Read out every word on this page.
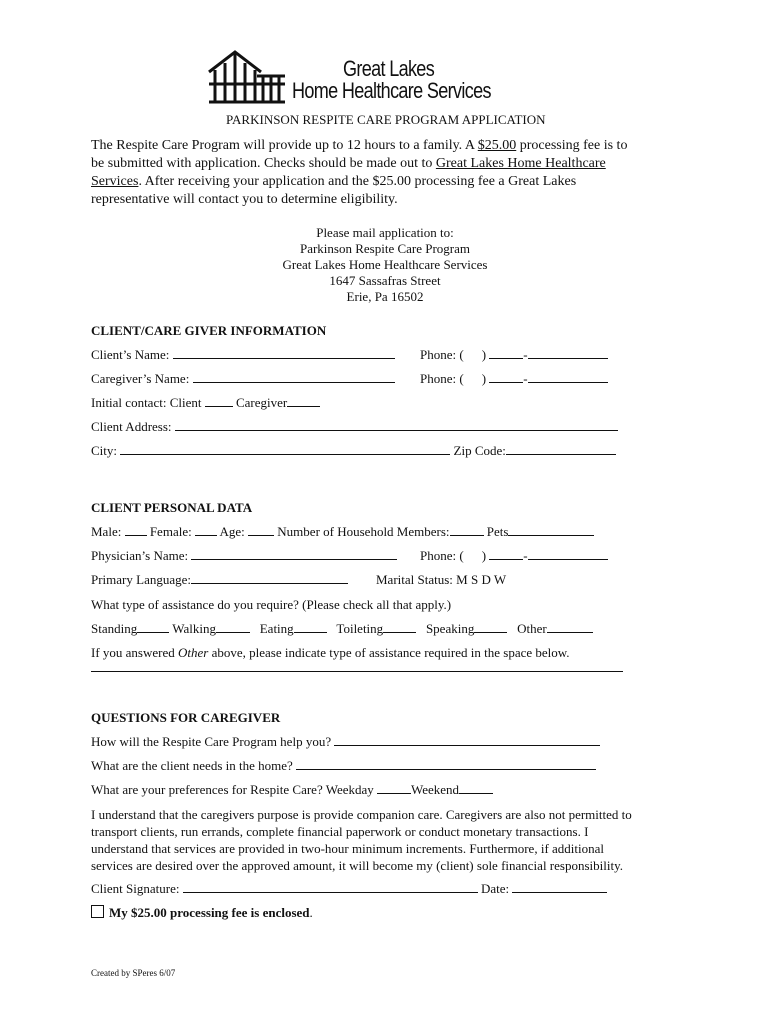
Great Lakes
Home Healthcare Services
PARKINSON RESPITE CARE PROGRAM APPLICATION
The Respite Care Program will provide up to 12 hours to a family. A $25.00 processing fee is to
be submitted with application. Checks should be made out to Great Lakes Home Healthcare
Services. After receiving your application and the $25.00 processing fee a Great Lakes
representative will contact you to determine eligibility.
Please mail application to:
Parkinson Respite Care Program
Great Lakes Home Healthcare Services
1647 Sassafras Street
Erie, Pa 16502
CLIENT/CARE GIVER INFORMATION
Client’s Name:	Phone: ( )	-
Caregiver’s Name:	Phone: ( )	-
Initial contact: Client	Caregiver
Client Address:
City:	Zip Code:
CLIENT PERSONAL DATA
Male: Female: Age:	Number of Household Members:	Pets
Physician’s Name:	Phone: ( )	-
Primary Language:	Marital Status: M S D W
What type of assistance do you require? (Please check all that apply.)
Standing	Walking	Eating	Toileting	Speaking	Other
If you answered Other above, please indicate type of assistance required in the space below.
QUESTIONS FOR CAREGIVER
How will the Respite Care Program help you?
What are the client needs in the home?
What are your preferences for Respite Care? Weekday	Weekend
I understand that the caregivers purpose is provide companion care. Caregivers are also not permitted to
transport clients, run errands, complete financial paperwork or conduct monetary transactions. I
understand that services are provided in two-hour minimum increments. Furthermore, if additional
services are desired over the approved amount, it will become my (client) sole financial responsibility.
Client Signature:	Date:
My $25.00 processing fee is enclosed.
Created by SPeres 6/07
